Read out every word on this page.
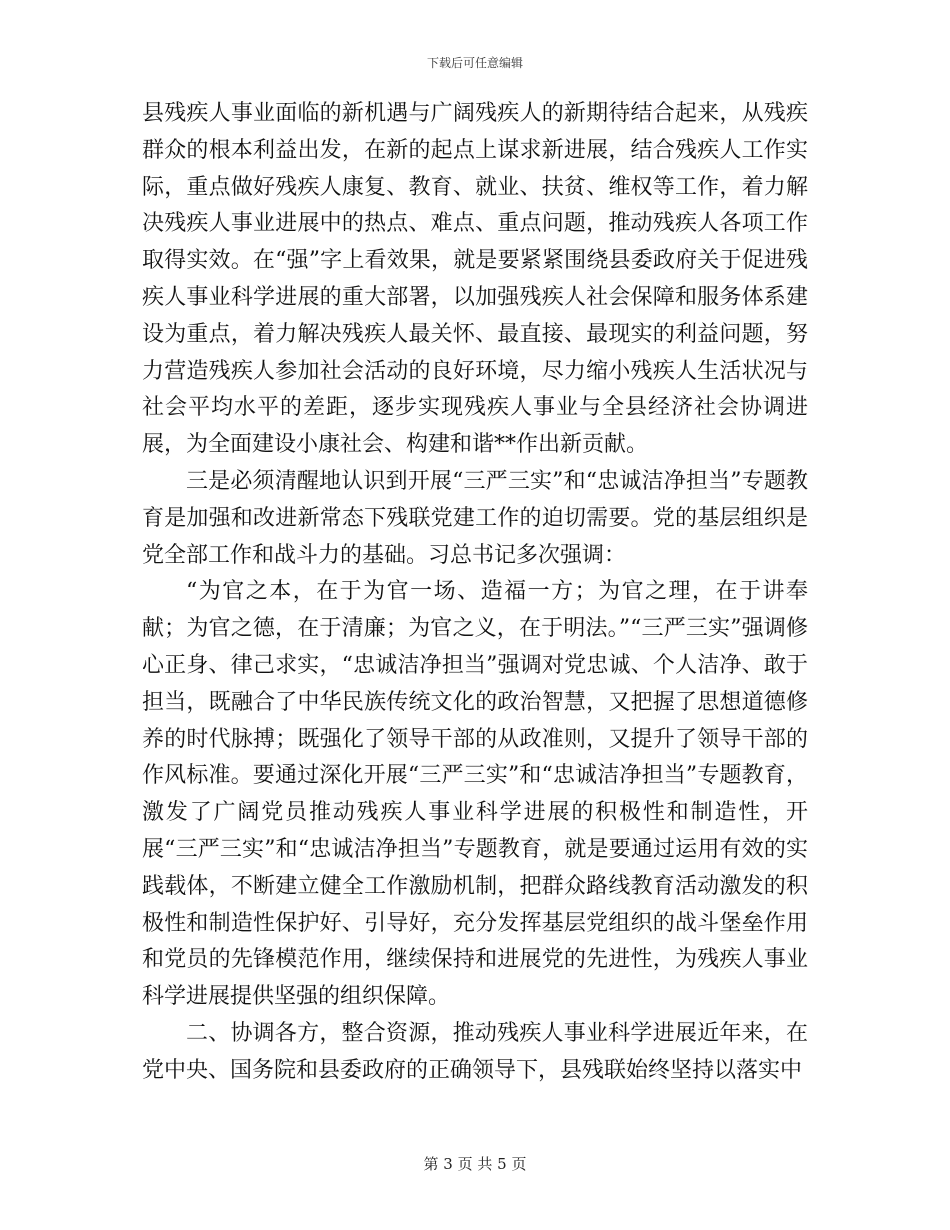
下载后可任意编辑

县残疾人事业面临的新机遇与广阔残疾人的新期待结合起来，从残疾群众的根本利益出发，在新的起点上谋求新进展，结合残疾人工作实际，重点做好残疾人康复、教育、就业、扶贫、维权等工作，着力解决残疾人事业进展中的热点、难点、重点问题，推动残疾人各项工作取得实效。在“强”字上看效果，就是要紧紧围绕县委政府关于促进残疾人事业科学进展的重大部署，以加强残疾人社会保障和服务体系建设为重点，着力解决残疾人最关怀、最直接、最现实的利益问题，努力营造残疾人参加社会活动的良好环境，尽力缩小残疾人生活状况与社会平均水平的差距，逐步实现残疾人事业与全县经济社会协调进展，为全面建设小康社会、构建和谐**作出新贡献。

三是必须清醒地认识到开展“三严三实”和“忠诚洁净担当”专题教育是加强和改进新常态下残联党建工作的迫切需要。党的基层组织是党全部工作和战斗力的基础。习总书记多次强调：

“为官之本，在于为官一场、造福一方；为官之理，在于讲奉献；为官之德，在于清廉；为官之义，在于明法。”“三严三实”强调修心正身、律己求实，“忠诚洁净担当”强调对党忠诚、个人洁净、敢于担当，既融合了中华民族传统文化的政治智慧，又把握了思想道德修养的时代脉搏；既强化了领导干部的从政准则，又提升了领导干部的作风标准。要通过深化开展“三严三实”和“忠诚洁净担当”专题教育，激发了广阔党员推动残疾人事业科学进展的积极性和制造性，开展“三严三实”和“忠诚洁净担当”专题教育，就是要通过运用有效的实践载体，不断建立健全工作激励机制，把群众路线教育活动激发的积极性和制造性保护好、引导好，充分发挥基层党组织的战斗堡垒作用和党员的先锋模范作用，继续保持和进展党的先进性，为残疾人事业科学进展提供坚强的组织保障。

二、协调各方，整合资源，推动残疾人事业科学进展近年来，在党中央、国务院和县委政府的正确领导下，县残联始终坚持以落实中

第 3 页 共 5 页
